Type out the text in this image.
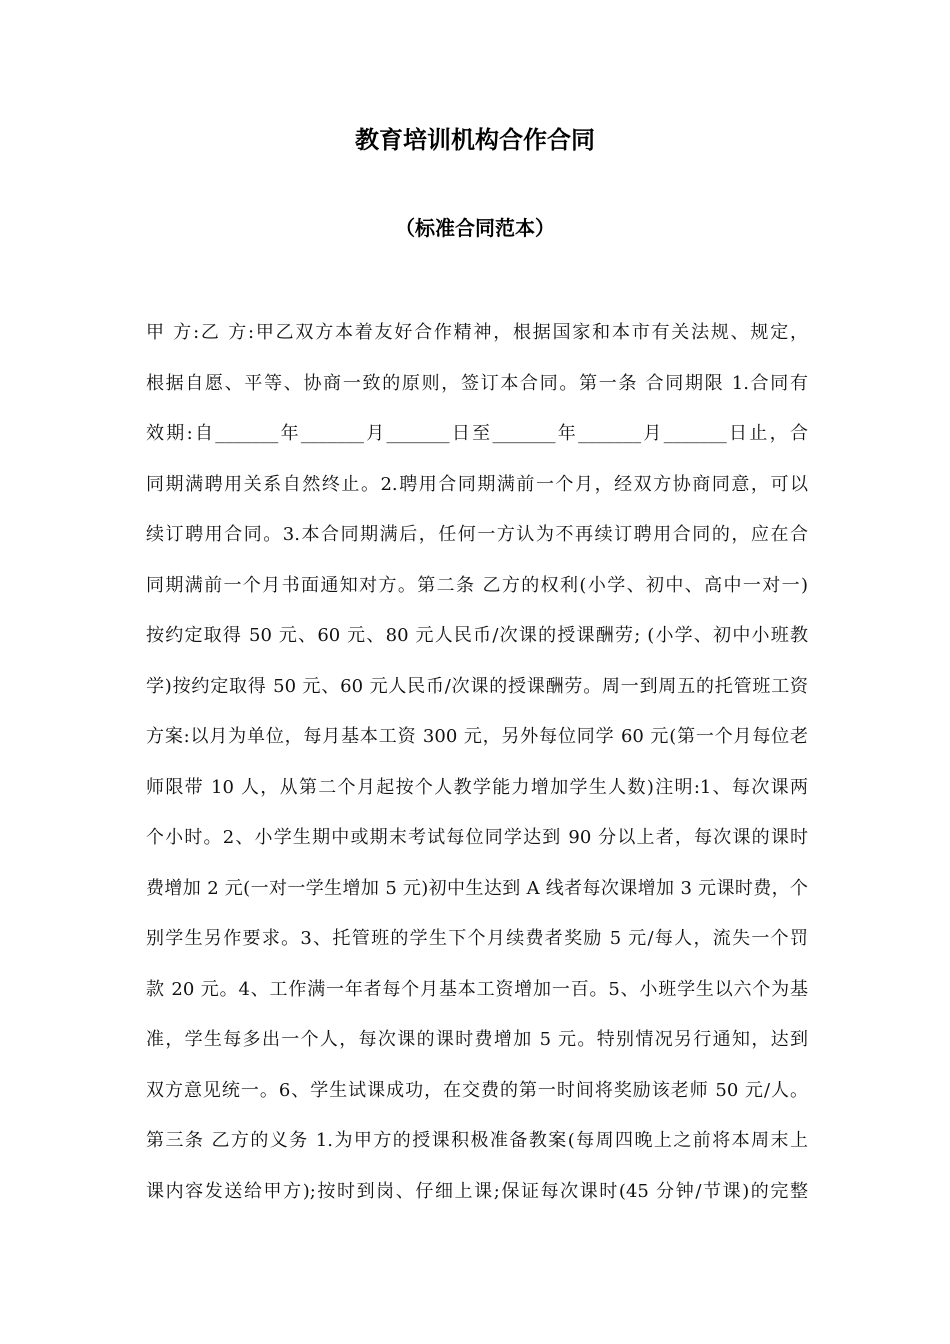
教育培训机构合作合同
（标准合同范本）
甲 方:乙 方:甲乙双方本着友好合作精神，根据国家和本市有关法规、规定，
根据自愿、平等、协商一致的原则，签订本合同。第一条 合同期限 1.合同有
效期:自_______年_______月_______日至_______年_______月_______日止，合
同期满聘用关系自然终止。2.聘用合同期满前一个月，经双方协商同意，可以
续订聘用合同。3.本合同期满后，任何一方认为不再续订聘用合同的，应在合
同期满前一个月书面通知对方。第二条 乙方的权利(小学、初中、高中一对一)
按约定取得 50 元、60 元、80 元人民币/次课的授课酬劳; (小学、初中小班教
学)按约定取得 50 元、60 元人民币/次课的授课酬劳。周一到周五的托管班工资
方案:以月为单位，每月基本工资 300 元，另外每位同学 60 元(第一个月每位老
师限带 10 人，从第二个月起按个人教学能力增加学生人数)注明:1、每次课两
个小时。2、小学生期中或期末考试每位同学达到 90 分以上者，每次课的课时
费增加 2 元(一对一学生增加 5 元)初中生达到 A 线者每次课增加 3 元课时费，个
别学生另作要求。3、托管班的学生下个月续费者奖励 5 元/每人，流失一个罚
款 20 元。4、工作满一年者每个月基本工资增加一百。5、小班学生以六个为基
准，学生每多出一个人，每次课的课时费增加 5 元。特别情况另行通知，达到
双方意见统一。6、学生试课成功，在交费的第一时间将奖励该老师 50 元/人。
第三条 乙方的义务 1.为甲方的授课积极准备教案(每周四晚上之前将本周末上
课内容发送给甲方);按时到岗、仔细上课;保证每次课时(45 分钟/节课)的完整
